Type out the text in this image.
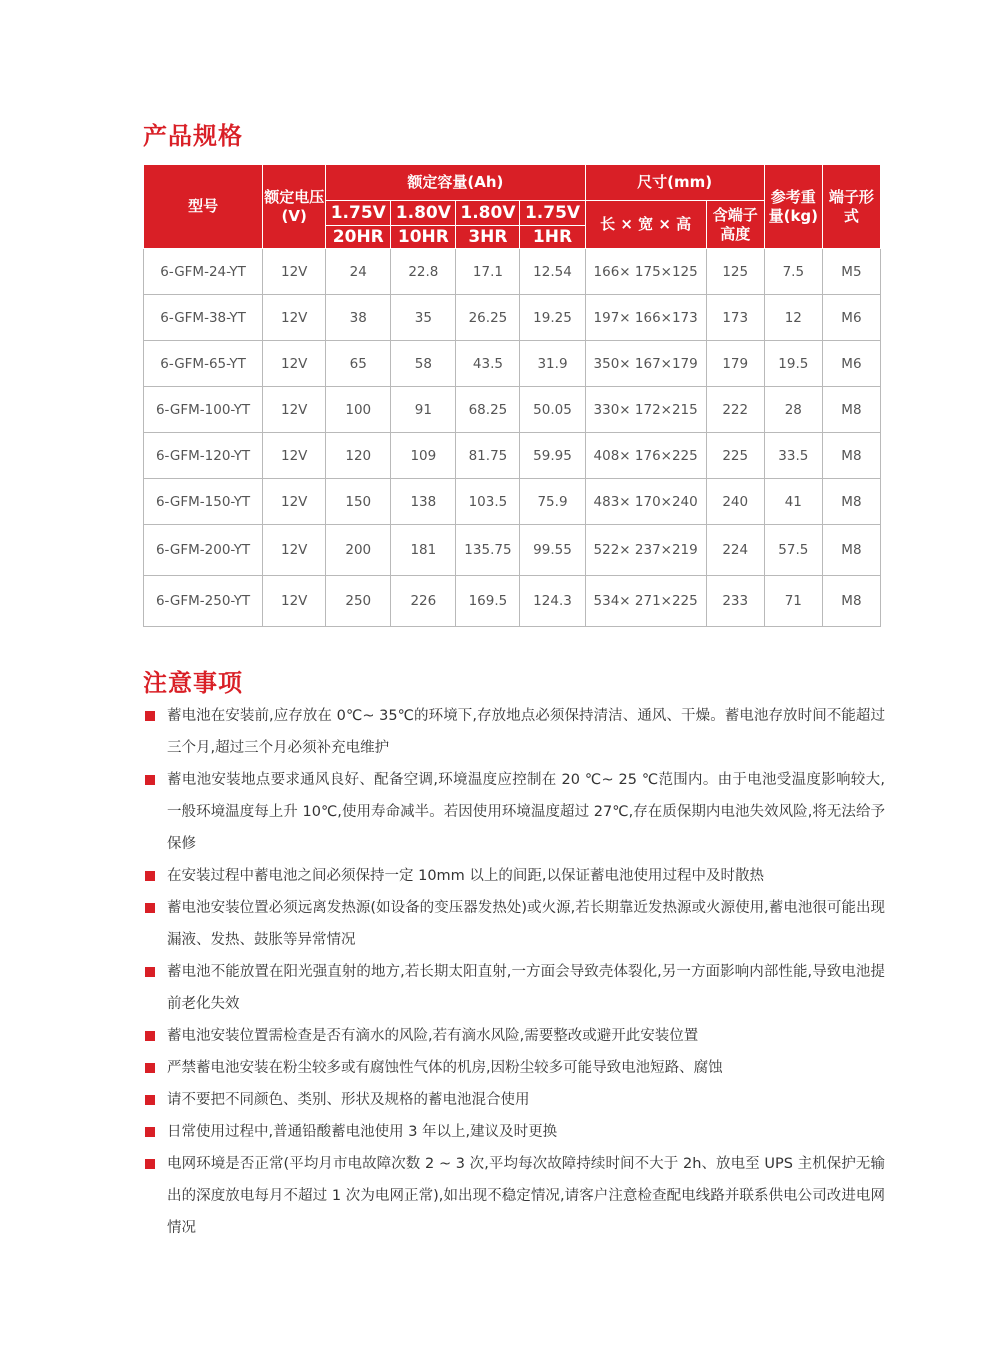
产品规格
型号	额定电压(V)	额定容量(Ah)				尺寸(mm)		参考重量(kg)	端子形式
		1.75V	1.80V	1.80V	1.75V	长 × 宽 × 高	含端子高度		
		20HR	10HR	3HR	1HR				
6-GFM-24-YT	12V	24	22.8	17.1	12.54	166× 175×125	125	7.5	M5
6-GFM-38-YT	12V	38	35	26.25	19.25	197× 166×173	173	12	M6
6-GFM-65-YT	12V	65	58	43.5	31.9	350× 167×179	179	19.5	M6
6-GFM-100-YT	12V	100	91	68.25	50.05	330× 172×215	222	28	M8
6-GFM-120-YT	12V	120	109	81.75	59.95	408× 176×225	225	33.5	M8
6-GFM-150-YT	12V	150	138	103.5	75.9	483× 170×240	240	41	M8
6-GFM-200-YT	12V	200	181	135.75	99.55	522× 237×219	224	57.5	M8
6-GFM-250-YT	12V	250	226	169.5	124.3	534× 271×225	233	71	M8
注意事项
蓄电池在安装前,应存放在 0℃~ 35℃的环境下,存放地点必须保持清洁、通风、干燥。蓄电池存放时间不能超过三个月,超过三个月必须补充电维护
蓄电池安装地点要求通风良好、配备空调,环境温度应控制在 20 ℃~ 25 ℃范围内。由于电池受温度影响较大,一般环境温度每上升 10℃,使用寿命减半。若因使用环境温度超过 27℃,存在质保期内电池失效风险,将无法给予保修
在安装过程中蓄电池之间必须保持一定 10mm 以上的间距,以保证蓄电池使用过程中及时散热
蓄电池安装位置必须远离发热源(如设备的变压器发热处)或火源,若长期靠近发热源或火源使用,蓄电池很可能出现漏液、发热、鼓胀等异常情况
蓄电池不能放置在阳光强直射的地方,若长期太阳直射,一方面会导致壳体裂化,另一方面影响内部性能,导致电池提前老化失效
蓄电池安装位置需检查是否有滴水的风险,若有滴水风险,需要整改或避开此安装位置
严禁蓄电池安装在粉尘较多或有腐蚀性气体的机房,因粉尘较多可能导致电池短路、腐蚀
请不要把不同颜色、类别、形状及规格的蓄电池混合使用
日常使用过程中,普通铅酸蓄电池使用 3 年以上,建议及时更换
电网环境是否正常(平均月市电故障次数 2 ~ 3 次,平均每次故障持续时间不大于 2h、放电至 UPS 主机保护无输出的深度放电每月不超过 1 次为电网正常),如出现不稳定情况,请客户注意检查配电线路并联系供电公司改进电网情况
